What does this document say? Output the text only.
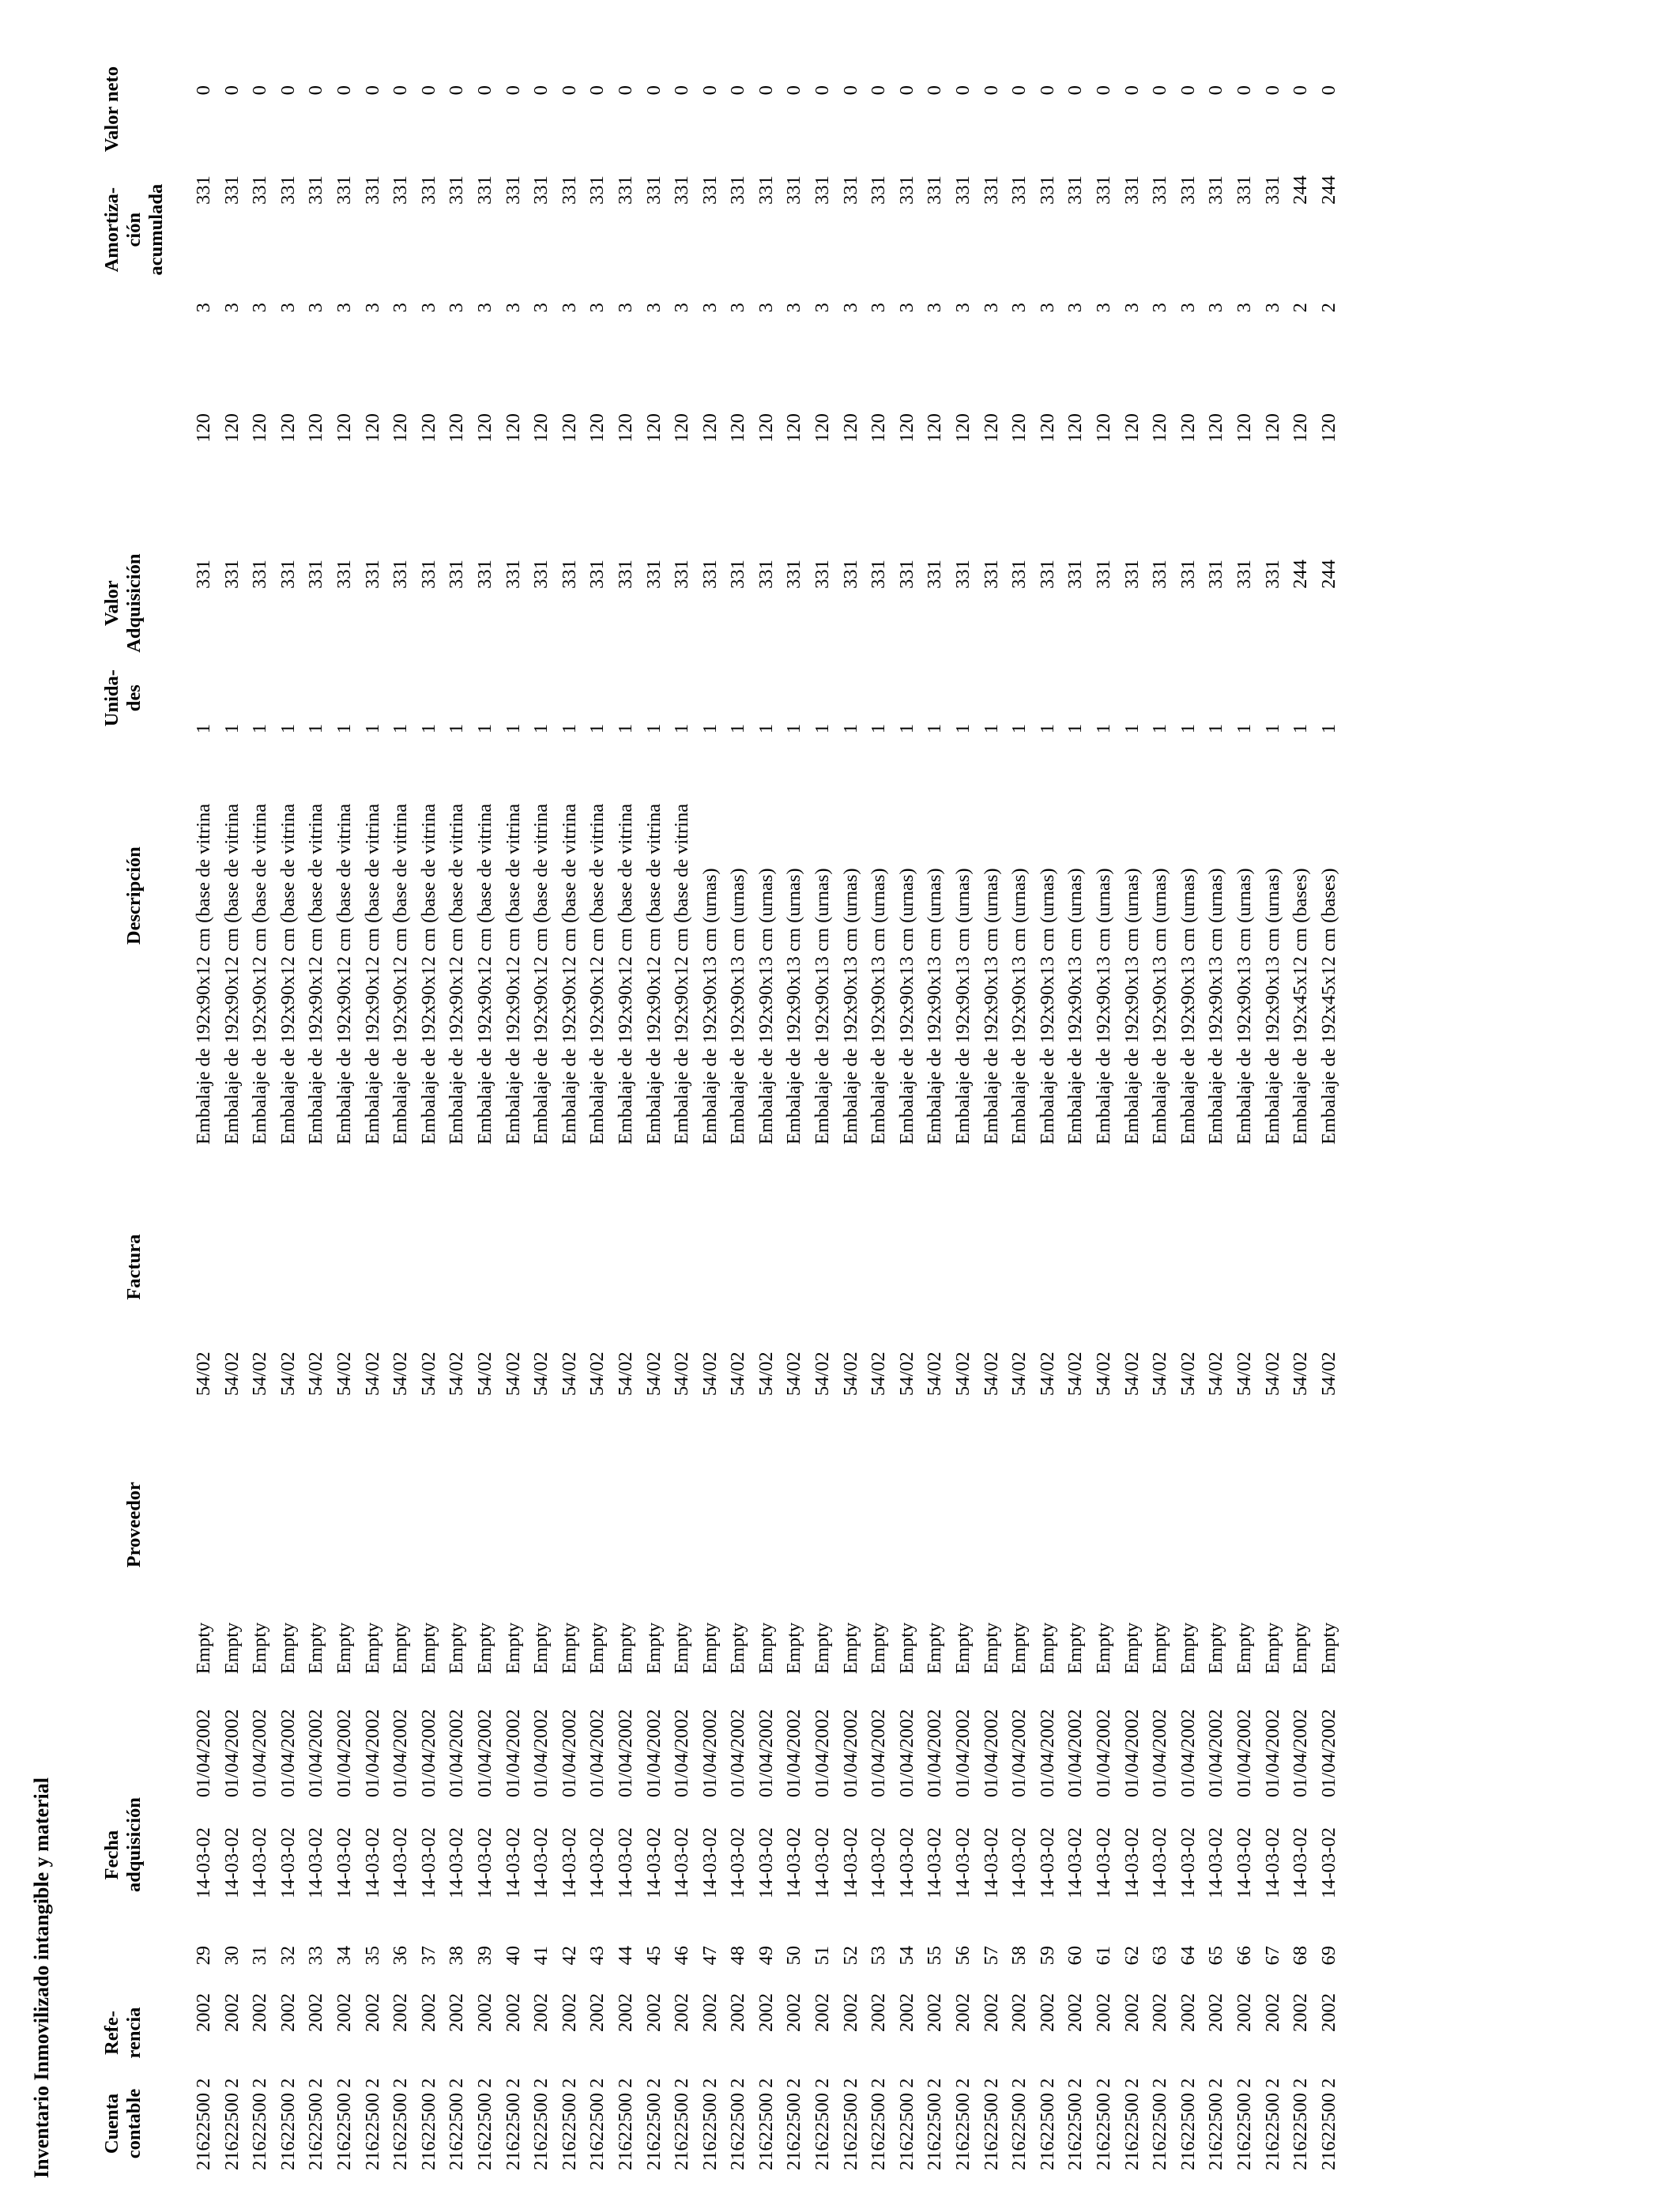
Inventario Inmovilizado intangible y material Cuenta
contable	Refe-
rencia		Fecha
adquisición		Proveedor	Factura	Descripción	Unida-
des	Valor
Adquisición			Amortiza-
ción
acumulada	Valor neto
21622500 2	2002	29	14-03-02	01/04/2002	Empty	54/02	Embalaje de 192x90x12 cm (base de vitrina	1	331	120	3	331	0
21622500 2	2002	30	14-03-02	01/04/2002	Empty	54/02	Embalaje de 192x90x12 cm (base de vitrina	1	331	120	3	331	0
21622500 2	2002	31	14-03-02	01/04/2002	Empty	54/02	Embalaje de 192x90x12 cm (base de vitrina	1	331	120	3	331	0
21622500 2	2002	32	14-03-02	01/04/2002	Empty	54/02	Embalaje de 192x90x12 cm (base de vitrina	1	331	120	3	331	0
21622500 2	2002	33	14-03-02	01/04/2002	Empty	54/02	Embalaje de 192x90x12 cm (base de vitrina	1	331	120	3	331	0
21622500 2	2002	34	14-03-02	01/04/2002	Empty	54/02	Embalaje de 192x90x12 cm (base de vitrina	1	331	120	3	331	0
21622500 2	2002	35	14-03-02	01/04/2002	Empty	54/02	Embalaje de 192x90x12 cm (base de vitrina	1	331	120	3	331	0
21622500 2	2002	36	14-03-02	01/04/2002	Empty	54/02	Embalaje de 192x90x12 cm (base de vitrina	1	331	120	3	331	0
21622500 2	2002	37	14-03-02	01/04/2002	Empty	54/02	Embalaje de 192x90x12 cm (base de vitrina	1	331	120	3	331	0
21622500 2	2002	38	14-03-02	01/04/2002	Empty	54/02	Embalaje de 192x90x12 cm (base de vitrina	1	331	120	3	331	0
21622500 2	2002	39	14-03-02	01/04/2002	Empty	54/02	Embalaje de 192x90x12 cm (base de vitrina	1	331	120	3	331	0
21622500 2	2002	40	14-03-02	01/04/2002	Empty	54/02	Embalaje de 192x90x12 cm (base de vitrina	1	331	120	3	331	0
21622500 2	2002	41	14-03-02	01/04/2002	Empty	54/02	Embalaje de 192x90x12 cm (base de vitrina	1	331	120	3	331	0
21622500 2	2002	42	14-03-02	01/04/2002	Empty	54/02	Embalaje de 192x90x12 cm (base de vitrina	1	331	120	3	331	0
21622500 2	2002	43	14-03-02	01/04/2002	Empty	54/02	Embalaje de 192x90x12 cm (base de vitrina	1	331	120	3	331	0
21622500 2	2002	44	14-03-02	01/04/2002	Empty	54/02	Embalaje de 192x90x12 cm (base de vitrina	1	331	120	3	331	0
21622500 2	2002	45	14-03-02	01/04/2002	Empty	54/02	Embalaje de 192x90x12 cm (base de vitrina	1	331	120	3	331	0
21622500 2	2002	46	14-03-02	01/04/2002	Empty	54/02	Embalaje de 192x90x12 cm (base de vitrina	1	331	120	3	331	0
21622500 2	2002	47	14-03-02	01/04/2002	Empty	54/02	Embalaje de 192x90x13 cm (urnas)	1	331	120	3	331	0
21622500 2	2002	48	14-03-02	01/04/2002	Empty	54/02	Embalaje de 192x90x13 cm (urnas)	1	331	120	3	331	0
21622500 2	2002	49	14-03-02	01/04/2002	Empty	54/02	Embalaje de 192x90x13 cm (urnas)	1	331	120	3	331	0
21622500 2	2002	50	14-03-02	01/04/2002	Empty	54/02	Embalaje de 192x90x13 cm (urnas)	1	331	120	3	331	0
21622500 2	2002	51	14-03-02	01/04/2002	Empty	54/02	Embalaje de 192x90x13 cm (urnas)	1	331	120	3	331	0
21622500 2	2002	52	14-03-02	01/04/2002	Empty	54/02	Embalaje de 192x90x13 cm (urnas)	1	331	120	3	331	0
21622500 2	2002	53	14-03-02	01/04/2002	Empty	54/02	Embalaje de 192x90x13 cm (urnas)	1	331	120	3	331	0
21622500 2	2002	54	14-03-02	01/04/2002	Empty	54/02	Embalaje de 192x90x13 cm (urnas)	1	331	120	3	331	0
21622500 2	2002	55	14-03-02	01/04/2002	Empty	54/02	Embalaje de 192x90x13 cm (urnas)	1	331	120	3	331	0
21622500 2	2002	56	14-03-02	01/04/2002	Empty	54/02	Embalaje de 192x90x13 cm (urnas)	1	331	120	3	331	0
21622500 2	2002	57	14-03-02	01/04/2002	Empty	54/02	Embalaje de 192x90x13 cm (urnas)	1	331	120	3	331	0
21622500 2	2002	58	14-03-02	01/04/2002	Empty	54/02	Embalaje de 192x90x13 cm (urnas)	1	331	120	3	331	0
21622500 2	2002	59	14-03-02	01/04/2002	Empty	54/02	Embalaje de 192x90x13 cm (urnas)	1	331	120	3	331	0
21622500 2	2002	60	14-03-02	01/04/2002	Empty	54/02	Embalaje de 192x90x13 cm (urnas)	1	331	120	3	331	0
21622500 2	2002	61	14-03-02	01/04/2002	Empty	54/02	Embalaje de 192x90x13 cm (urnas)	1	331	120	3	331	0
21622500 2	2002	62	14-03-02	01/04/2002	Empty	54/02	Embalaje de 192x90x13 cm (urnas)	1	331	120	3	331	0
21622500 2	2002	63	14-03-02	01/04/2002	Empty	54/02	Embalaje de 192x90x13 cm (urnas)	1	331	120	3	331	0
21622500 2	2002	64	14-03-02	01/04/2002	Empty	54/02	Embalaje de 192x90x13 cm (urnas)	1	331	120	3	331	0
21622500 2	2002	65	14-03-02	01/04/2002	Empty	54/02	Embalaje de 192x90x13 cm (urnas)	1	331	120	3	331	0
21622500 2	2002	66	14-03-02	01/04/2002	Empty	54/02	Embalaje de 192x90x13 cm (urnas)	1	331	120	3	331	0
21622500 2	2002	67	14-03-02	01/04/2002	Empty	54/02	Embalaje de 192x90x13 cm (urnas)	1	331	120	3	331	0
21622500 2	2002	68	14-03-02	01/04/2002	Empty	54/02	Embalaje de 192x45x12 cm (bases)	1	244	120	2	244	0
21622500 2	2002	69	14-03-02	01/04/2002	Empty	54/02	Embalaje de 192x45x12 cm (bases)	1	244	120	2	244	0
